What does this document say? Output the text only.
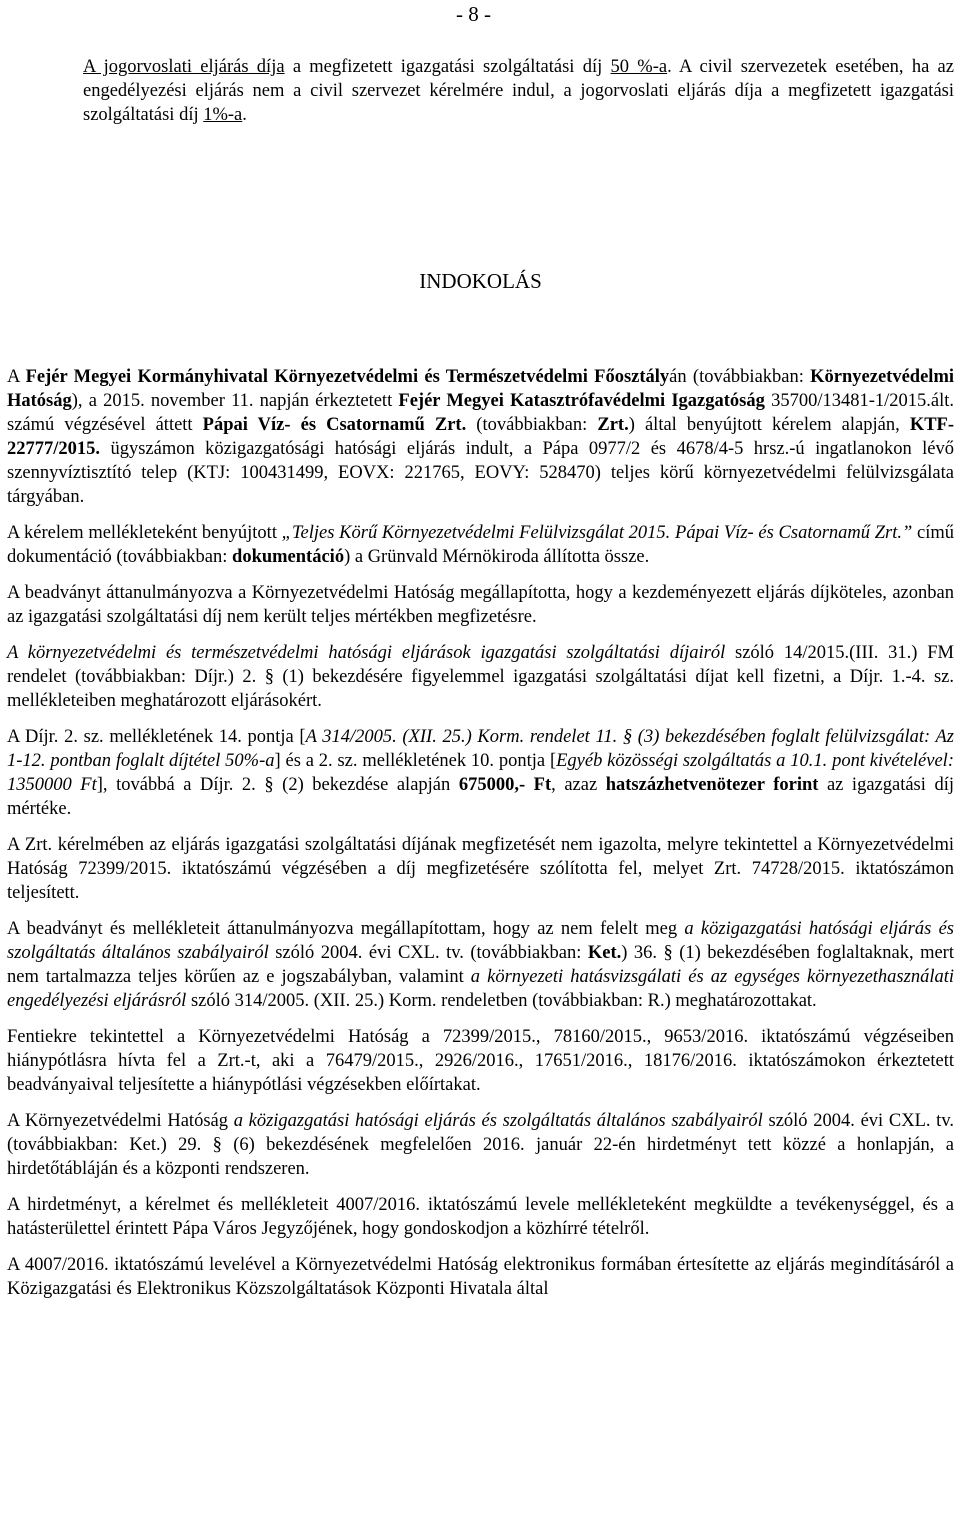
- 8 -

A jogorvoslati eljárás díja a megfizetett igazgatási szolgáltatási díj 50 %-a. A civil szervezetek esetében, ha az engedélyezési eljárás nem a civil szervezet kérelmére indul, a jogorvoslati eljárás díja a megfizetett igazgatási szolgáltatási díj 1%-a.

INDOKOLÁS

A Fejér Megyei Kormányhivatal Környezetvédelmi és Természetvédelmi Főosztályán (továbbiakban: Környezetvédelmi Hatóság), a 2015. november 11. napján érkeztetett Fejér Megyei Katasztrófavédelmi Igazgatóság 35700/13481-1/2015.ált. számú végzésével áttett Pápai Víz- és Csatornamű Zrt. (továbbiakban: Zrt.) által benyújtott kérelem alapján, KTF-22777/2015. ügyszámon közigazgatósági hatósági eljárás indult, a Pápa 0977/2 és 4678/4-5 hrsz.-ú ingatlanokon lévő szennyvíztisztító telep (KTJ: 100431499, EOVX: 221765, EOVY: 528470) teljes körű környezetvédelmi felülvizsgálata tárgyában.

A kérelem mellékleteként benyújtott „Teljes Körű Környezetvédelmi Felülvizsgálat 2015. Pápai Víz- és Csatornamű Zrt.” című dokumentáció (továbbiakban: dokumentáció) a Grünvald Mérnökiroda állította össze.

A beadványt áttanulmányozva a Környezetvédelmi Hatóság megállapította, hogy a kezdeményezett eljárás díjköteles, azonban az igazgatási szolgáltatási díj nem került teljes mértékben megfizetésre.

A környezetvédelmi és természetvédelmi hatósági eljárások igazgatási szolgáltatási díjairól szóló 14/2015.(III. 31.) FM rendelet (továbbiakban: Díjr.) 2. § (1) bekezdésére figyelemmel igazgatási szolgáltatási díjat kell fizetni, a Díjr. 1.-4. sz. mellékleteiben meghatározott eljárásokért.

A Díjr. 2. sz. mellékletének 14. pontja [A 314/2005. (XII. 25.) Korm. rendelet 11. § (3) bekezdésében foglalt felülvizsgálat: Az 1-12. pontban foglalt díjtétel 50%-a] és a 2. sz. mellékletének 10. pontja [Egyéb közösségi szolgáltatás a 10.1. pont kivételével: 1350000 Ft], továbbá a Díjr. 2. § (2) bekezdése alapján 675000,- Ft, azaz hatszázhetvenötezer forint az igazgatási díj mértéke.

A Zrt. kérelmében az eljárás igazgatási szolgáltatási díjának megfizetését nem igazolta, melyre tekintettel a Környezetvédelmi Hatóság 72399/2015. iktatószámú végzésében a díj megfizetésére szólította fel, melyet Zrt. 74728/2015. iktatószámon teljesített.

A beadványt és mellékleteit áttanulmányozva megállapítottam, hogy az nem felelt meg a közigazgatási hatósági eljárás és szolgáltatás általános szabályairól szóló 2004. évi CXL. tv. (továbbiakban: Ket.) 36. § (1) bekezdésében foglaltaknak, mert nem tartalmazza teljes körűen az e jogszabályban, valamint a környezeti hatásvizsgálati és az egységes környezethasználati engedélyezési eljárásról szóló 314/2005. (XII. 25.) Korm. rendeletben (továbbiakban: R.) meghatározottakat.

Fentiekre tekintettel a Környezetvédelmi Hatóság a 72399/2015., 78160/2015., 9653/2016. iktatószámú végzéseiben hiánypótlásra hívta fel a Zrt.-t, aki a 76479/2015., 2926/2016., 17651/2016., 18176/2016. iktatószámokon érkeztetett beadványaival teljesítette a hiánypótlási végzésekben előírtakat.

A Környezetvédelmi Hatóság a közigazgatási hatósági eljárás és szolgáltatás általános szabályairól szóló 2004. évi CXL. tv. (továbbiakban: Ket.) 29. § (6) bekezdésének megfelelően 2016. január 22-én hirdetményt tett közzé a honlapján, a hirdetőtábláján és a központi rendszeren.

A hirdetményt, a kérelmet és mellékleteit 4007/2016. iktatószámú levele mellékleteként megküldte a tevékenységgel, és a hatásterülettel érintett Pápa Város Jegyzőjének, hogy gondoskodjon a közhírré tételről.

A 4007/2016. iktatószámú levelével a Környezetvédelmi Hatóság elektronikus formában értesítette az eljárás megindításáról a Közigazgatási és Elektronikus Közszolgáltatások Központi Hivatala által
